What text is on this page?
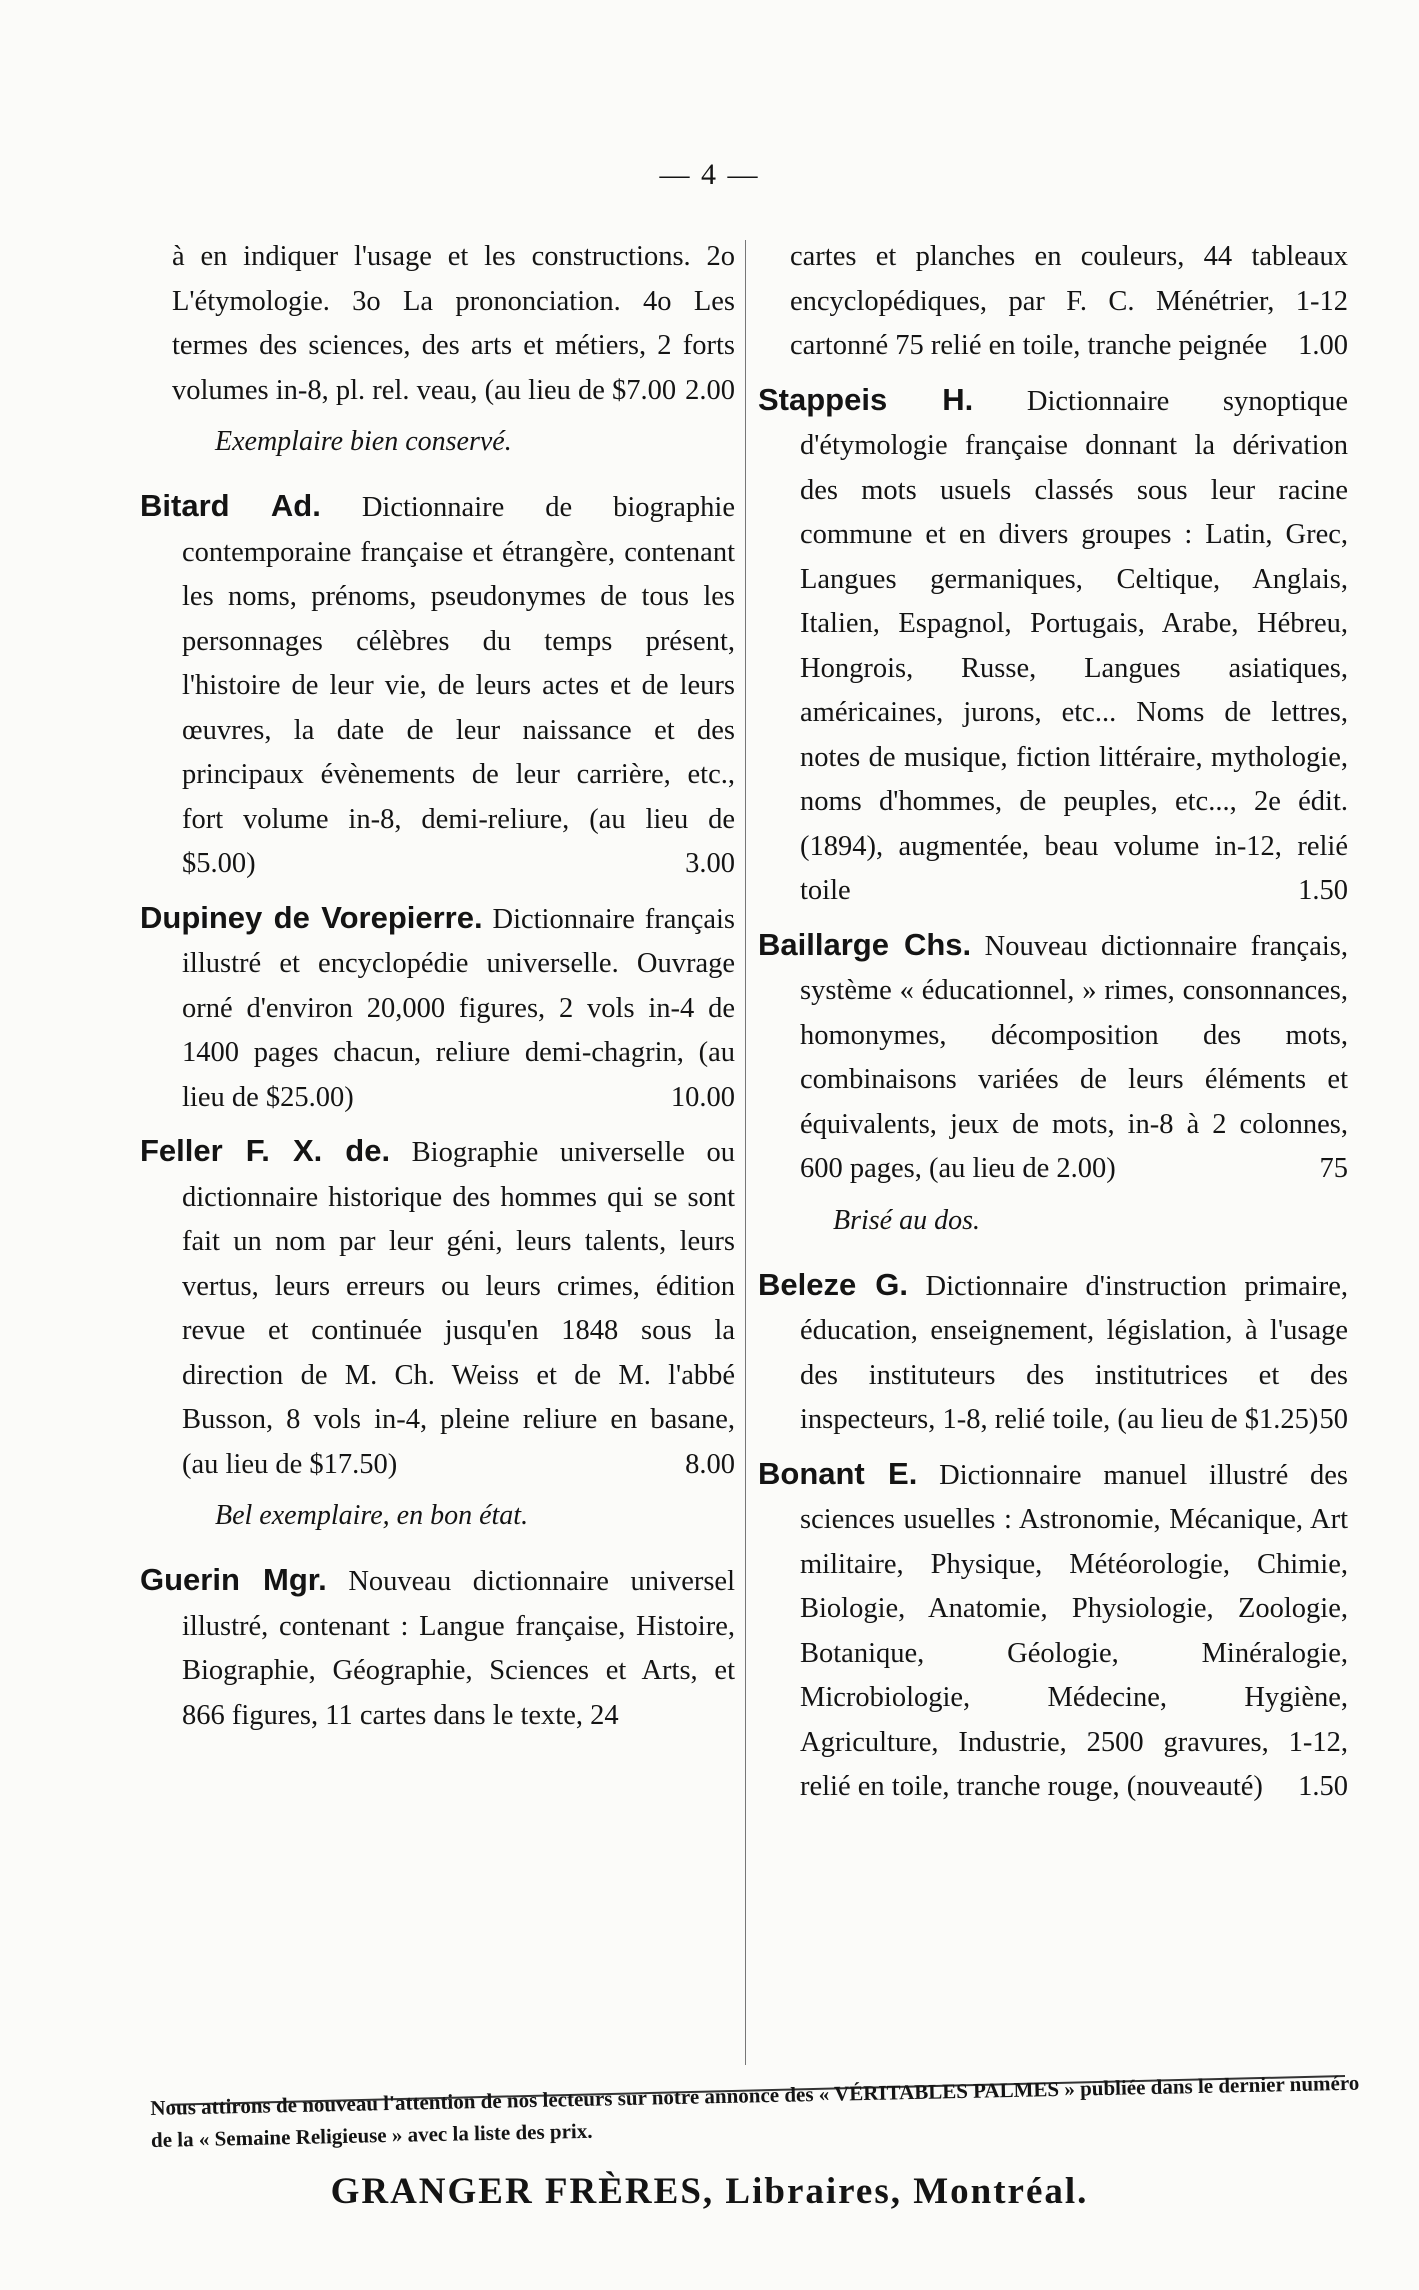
— 4 —

à en indiquer l'usage et les constructions. 2o L'étymologie. 3o La prononciation. 4o Les termes des sciences, des arts et métiers, 2 forts volumes in-8, pl. rel. veau, (au lieu de $7.00 2.00

Exemplaire bien conservé.

Bitard Ad. Dictionnaire de biographie contemporaine française et étrangère, contenant les noms, prénoms, pseudonymes de tous les personnages célèbres du temps présent, l'histoire de leur vie, de leurs actes et de leurs œuvres, la date de leur naissance et des principaux évènements de leur carrière, etc., fort volume in-8, demi-reliure, (au lieu de $5.00)	3.00

Dupiney de Vorepierre. Dictionnaire français illustré et encyclopédie universelle. Ouvrage orné d'environ 20,000 figures, 2 vols in-4 de 1400 pages chacun, reliure demi-chagrin, (au lieu de $25.00)	10.00

Feller F. X. de. Biographie universelle ou dictionnaire historique des hommes qui se sont fait un nom par leur géni, leurs talents, leurs vertus, leurs erreurs ou leurs crimes, édition revue et continuée jusqu'en 1848 sous la direction de M. Ch. Weiss et de M. l'abbé Busson, 8 vols in-4, pleine reliure en basane, (au lieu de $17.50)	8.00

Bel exemplaire, en bon état.

Guerin Mgr. Nouveau dictionnaire universel illustré, contenant : Langue française, Histoire, Biographie, Géographie, Sciences et Arts, et 866 figures, 11 cartes dans le texte, 24

cartes et planches en couleurs, 44 tableaux encyclopédiques, par F. C. Ménétrier, 1-12 cartonné 75 relié en toile, tranche peignée 1.00

Stappeis H. Dictionnaire synoptique d'étymologie française donnant la dérivation des mots usuels classés sous leur racine commune et en divers groupes : Latin, Grec, Langues germaniques, Celtique, Anglais, Italien, Espagnol, Portugais, Arabe, Hébreu, Hongrois, Russe, Langues asiatiques, américaines, jurons, etc... Noms de lettres, notes de musique, fiction littéraire, mythologie, noms d'hommes, de peuples, etc..., 2e édit. (1894), augmentée, beau volume in-12, relié toile	1.50

Baillarge Chs. Nouveau dictionnaire français, système « éducationnel, » rimes, consonnances, homonymes, décomposition des mots, combinaisons variées de leurs éléments et équivalents, jeux de mots, in-8 à 2 colonnes, 600 pages, (au lieu de 2.00)	75

Brisé au dos.

Beleze G. Dictionnaire d'instruction primaire, éducation, enseignement, législation, à l'usage des instituteurs des institutrices et des inspecteurs, 1-8, relié toile, (au lieu de $1.25) 50

Bonant E. Dictionnaire manuel illustré des sciences usuelles : Astronomie, Mécanique, Art militaire, Physique, Météorologie, Chimie, Biologie, Anatomie, Physiologie, Zoologie, Botanique, Géologie, Minéralogie, Microbiologie, Médecine, Hygiène, Agriculture, Industrie, 2500 gravures, 1-12, relié en toile, tranche rouge, (nouveauté) 1.50

Nous attirons de nouveau l'attention de nos lecteurs sur notre annonce des « VÉRITABLES PALMES » publiée dans le dernier numéro de la « Semaine Religieuse » avec la liste des prix.
GRANGER FRÈRES, Libraires, Montréal.
